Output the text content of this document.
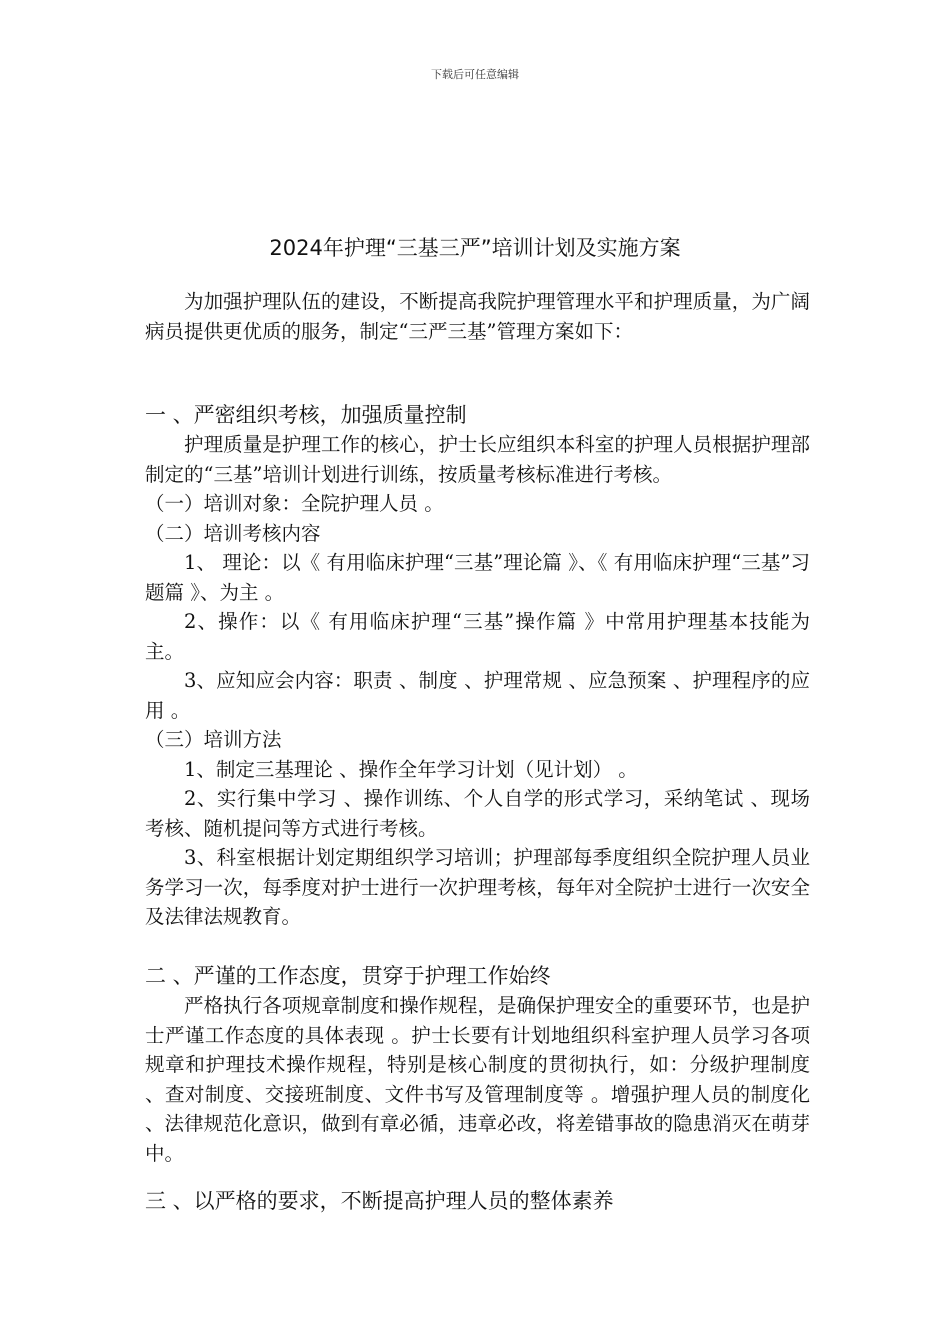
下载后可任意编辑
2024年护理“三基三严”培训计划及实施方案

为加强护理队伍的建设，不断提高我院护理管理水平和护理质量，为广阔病员提供更优质的服务，制定“三严三基”管理方案如下：

一 、严密组织考核，加强质量控制

护理质量是护理工作的核心，护士长应组织本科室的护理人员根据护理部制定的“三基”培训计划进行训练，按质量考核标准进行考核。

（一）培训对象：全院护理人员 。

（二）培训考核内容

1、 理论：以《 有用临床护理“三基”理论篇 》、《 有用临床护理“三基”习题篇 》、为主 。

2、操作：以《 有用临床护理“三基”操作篇 》中常用护理基本技能为主。

3、应知应会内容：职责 、制度 、护理常规 、应急预案 、护理程序的应用 。

（三）培训方法

1、制定三基理论 、操作全年学习计划（见计划） 。

2、实行集中学习 、操作训练、个人自学的形式学习，采纳笔试 、现场考核、随机提问等方式进行考核。

3、科室根据计划定期组织学习培训；护理部每季度组织全院护理人员业务学习一次，每季度对护士进行一次护理考核，每年对全院护士进行一次安全及法律法规教育。

二 、严谨的工作态度，贯穿于护理工作始终

严格执行各项规章制度和操作规程，是确保护理安全的重要环节，也是护士严谨工作态度的具体表现 。护士长要有计划地组织科室护理人员学习各项规章和护理技术操作规程，特别是核心制度的贯彻执行，如：分级护理制度 、查对制度、交接班制度、文件书写及管理制度等 。增强护理人员的制度化 、法律规范化意识，做到有章必循，违章必改，将差错事故的隐患消灭在萌芽中。

三 、以严格的要求，不断提高护理人员的整体素养
